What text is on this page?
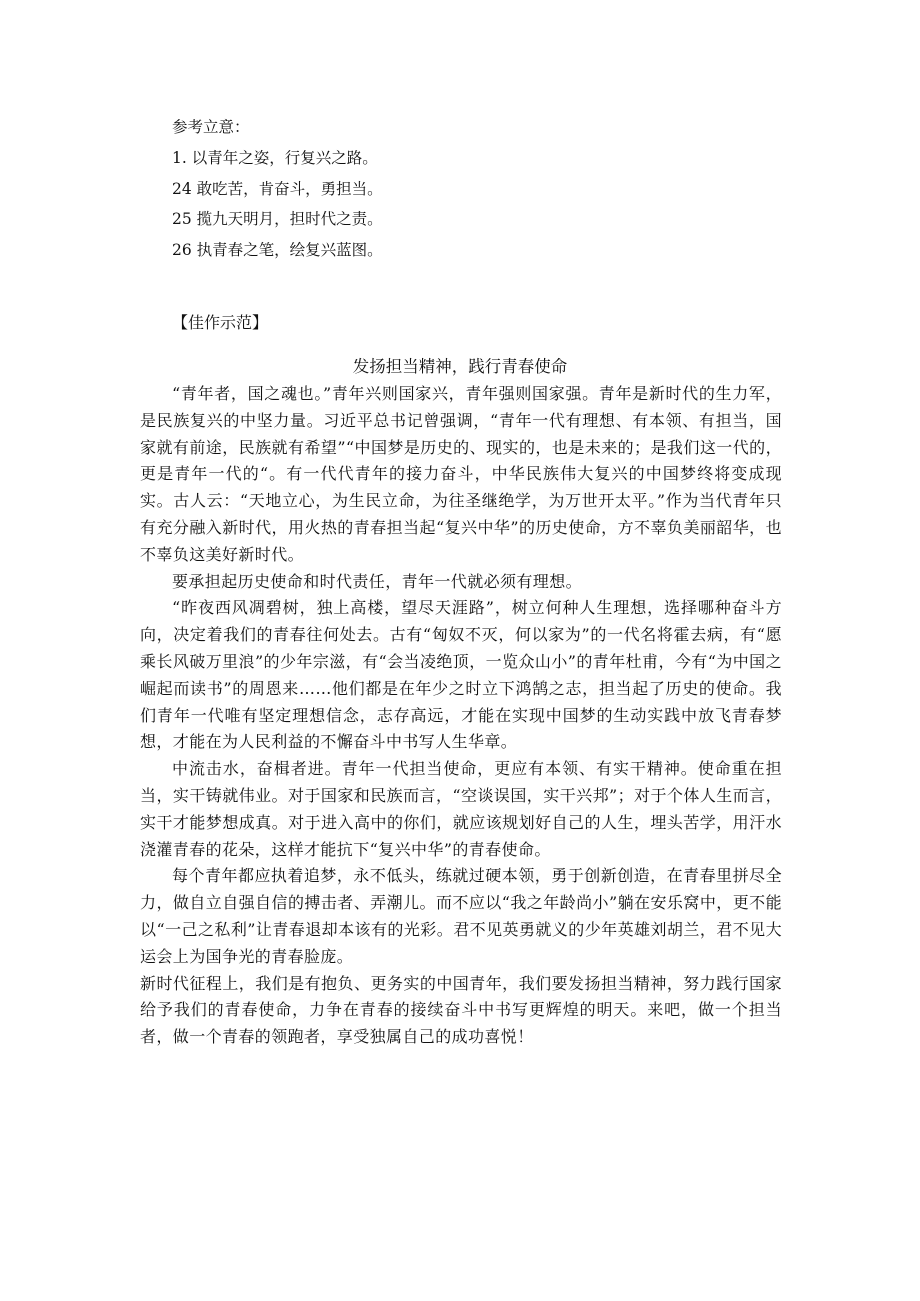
参考立意：
1. 以青年之姿，行复兴之路。
24 敢吃苦，肯奋斗，勇担当。
25 揽九天明月，担时代之责。
26 执青春之笔，绘复兴蓝图。
【佳作示范】
发扬担当精神，践行青春使命

“青年者，国之魂也。”青年兴则国家兴，青年强则国家强。青年是新时代的生力军，是民族复兴的中坚力量。习近平总书记曾强调，“青年一代有理想、有本领、有担当，国家就有前途，民族就有希望”“中国梦是历史的、现实的，也是未来的；是我们这一代的，更是青年一代的“。有一代代青年的接力奋斗，中华民族伟大复兴的中国梦终将变成现实。古人云：“天地立心，为生民立命，为往圣继绝学，为万世开太平。”作为当代青年只有充分融入新时代，用火热的青春担当起“复兴中华”的历史使命，方不辜负美丽韶华，也不辜负这美好新时代。

要承担起历史使命和时代责任，青年一代就必须有理想。

“昨夜西风凋碧树，独上高楼，望尽天涯路”，树立何种人生理想，选择哪种奋斗方向，决定着我们的青春往何处去。古有“匈奴不灭，何以家为”的一代名将霍去病，有“愿乘长风破万里浪”的少年宗滋，有“会当凌绝顶，一览众山小”的青年杜甫，今有“为中国之崛起而读书”的周恩来……他们都是在年少之时立下鸿鹄之志，担当起了历史的使命。我们青年一代唯有坚定理想信念，志存高远，才能在实现中国梦的生动实践中放飞青春梦想，才能在为人民利益的不懈奋斗中书写人生华章。

中流击水，奋楫者进。青年一代担当使命，更应有本领、有实干精神。使命重在担当，实干铸就伟业。对于国家和民族而言，“空谈误国，实干兴邦”；对于个体人生而言，实干才能梦想成真。对于进入高中的你们，就应该规划好自己的人生，埋头苦学，用汗水浇灌青春的花朵，这样才能抗下“复兴中华”的青春使命。

每个青年都应执着追梦，永不低头，练就过硬本领，勇于创新创造，在青春里拼尽全力，做自立自强自信的搏击者、弄潮儿。而不应以“我之年龄尚小”躺在安乐窝中，更不能以“一己之私利”让青春退却本该有的光彩。君不见英勇就义的少年英雄刘胡兰，君不见大运会上为国争光的青春脸庞。

新时代征程上，我们是有抱负、更务实的中国青年，我们要发扬担当精神，努力践行国家给予我们的青春使命，力争在青春的接续奋斗中书写更辉煌的明天。来吧，做一个担当者，做一个青春的领跑者，享受独属自己的成功喜悦！
